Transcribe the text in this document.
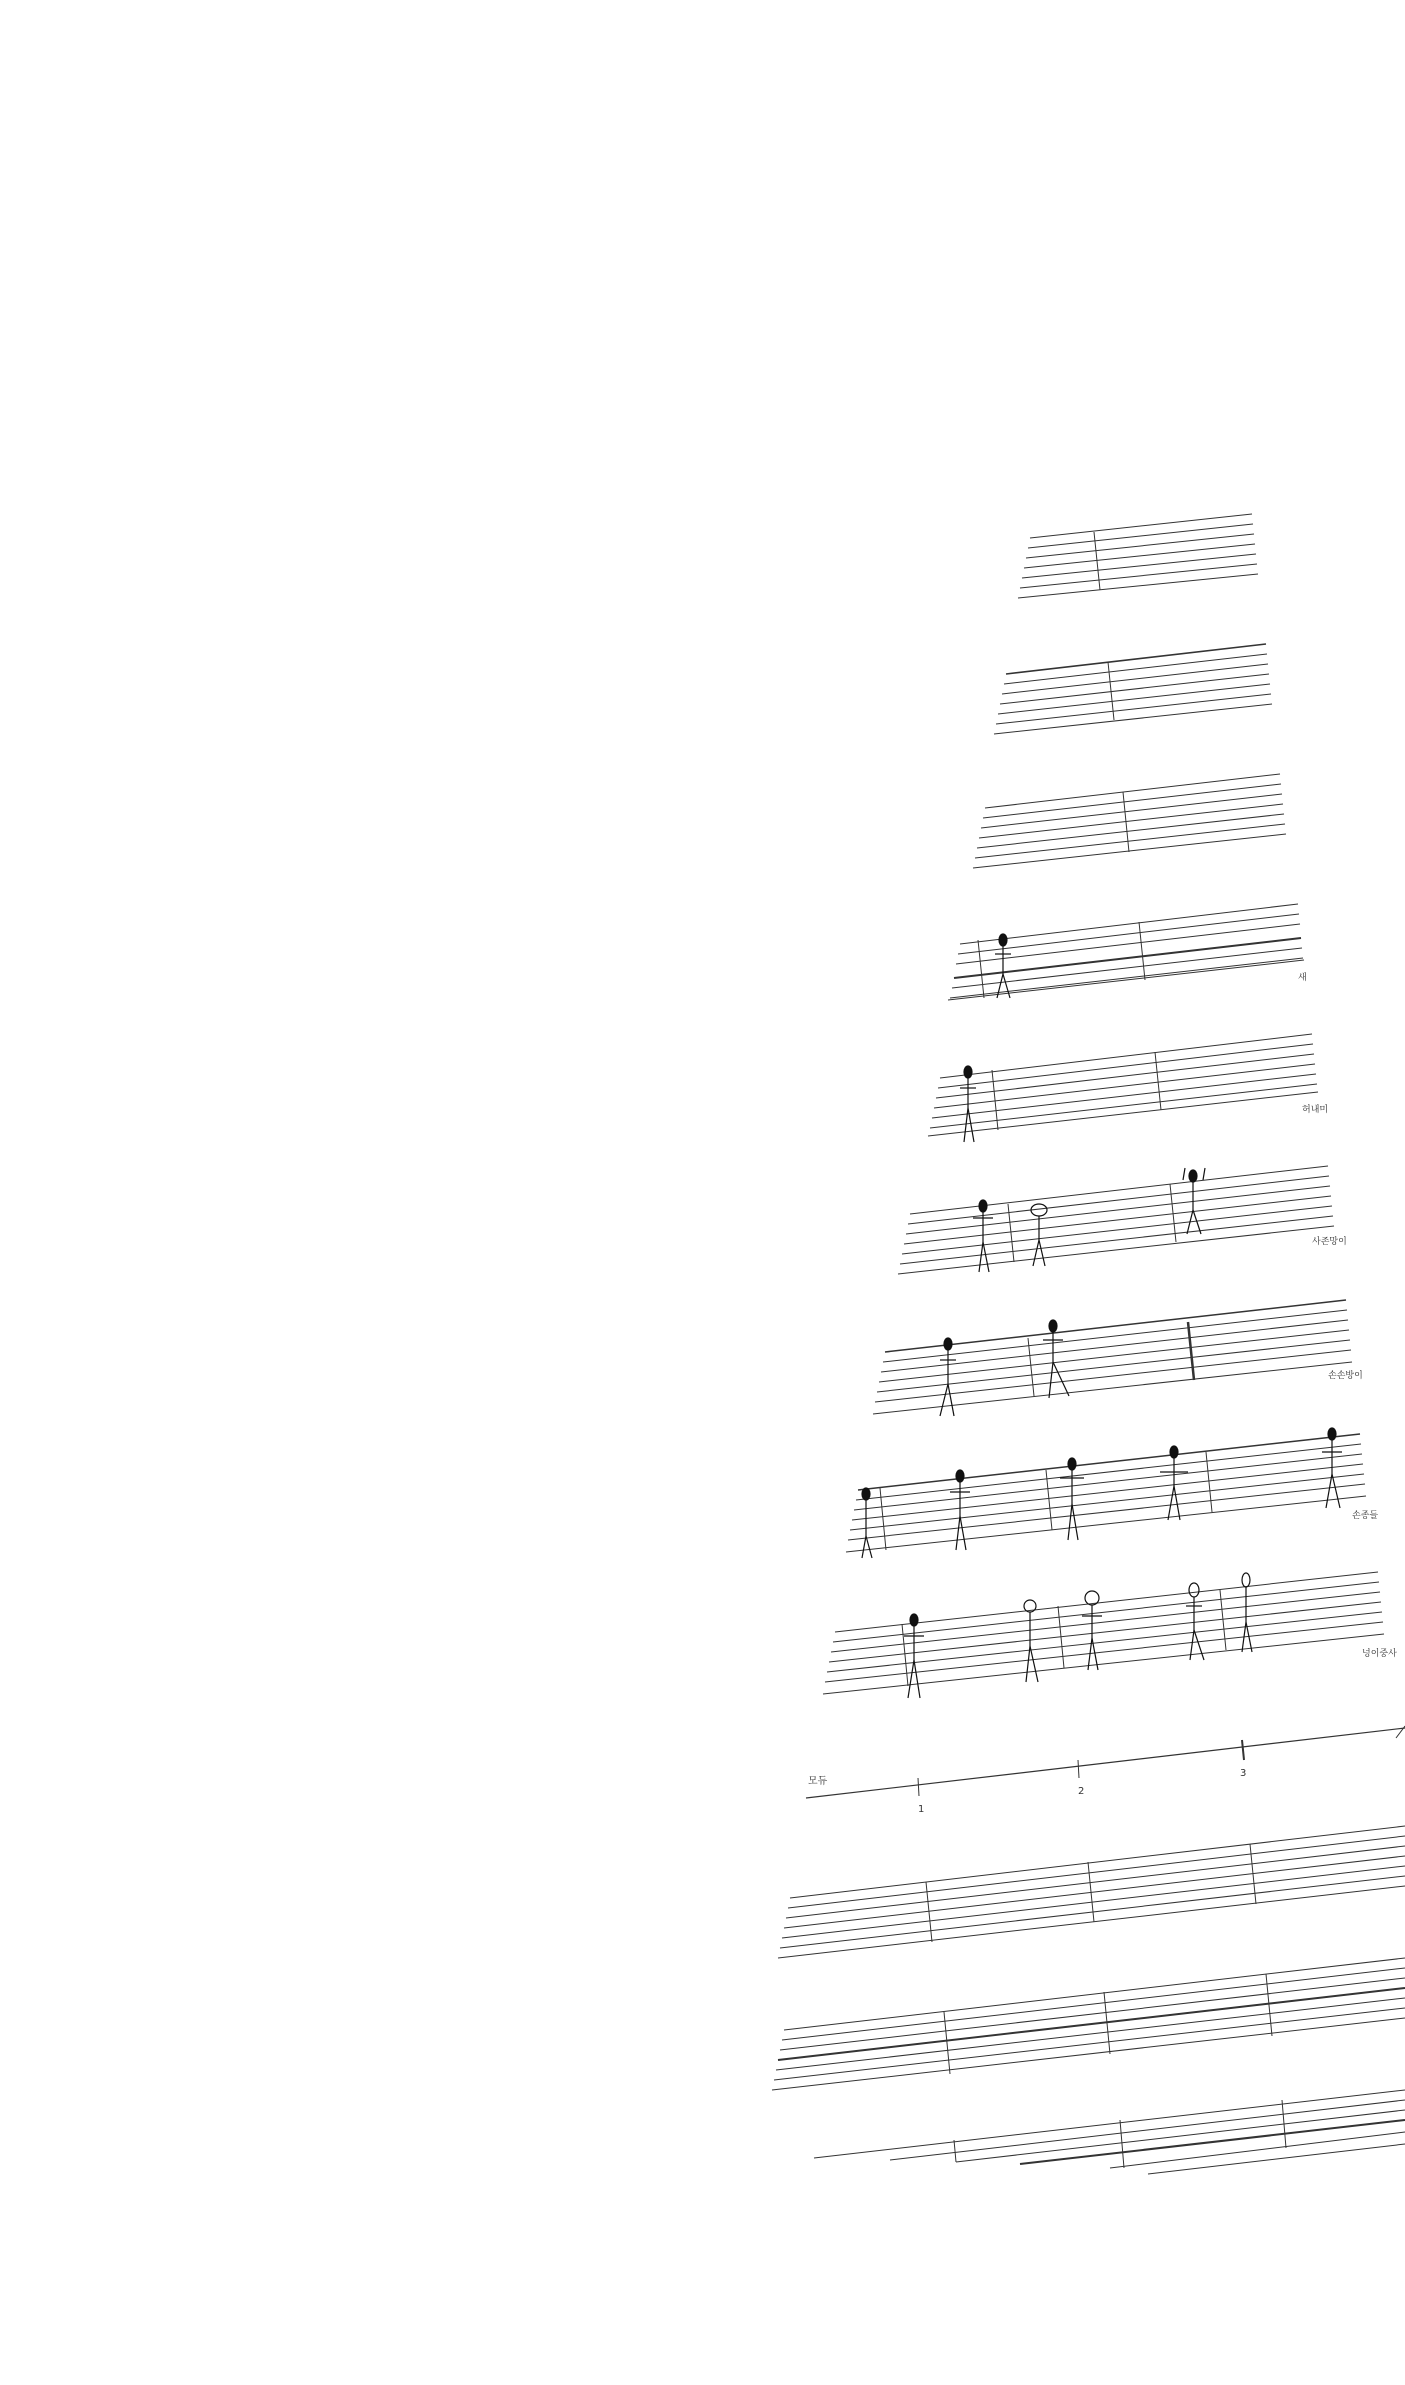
새
허내미
사존망이
손손방이
손종들
넝이중사
모듀
1
2
3
